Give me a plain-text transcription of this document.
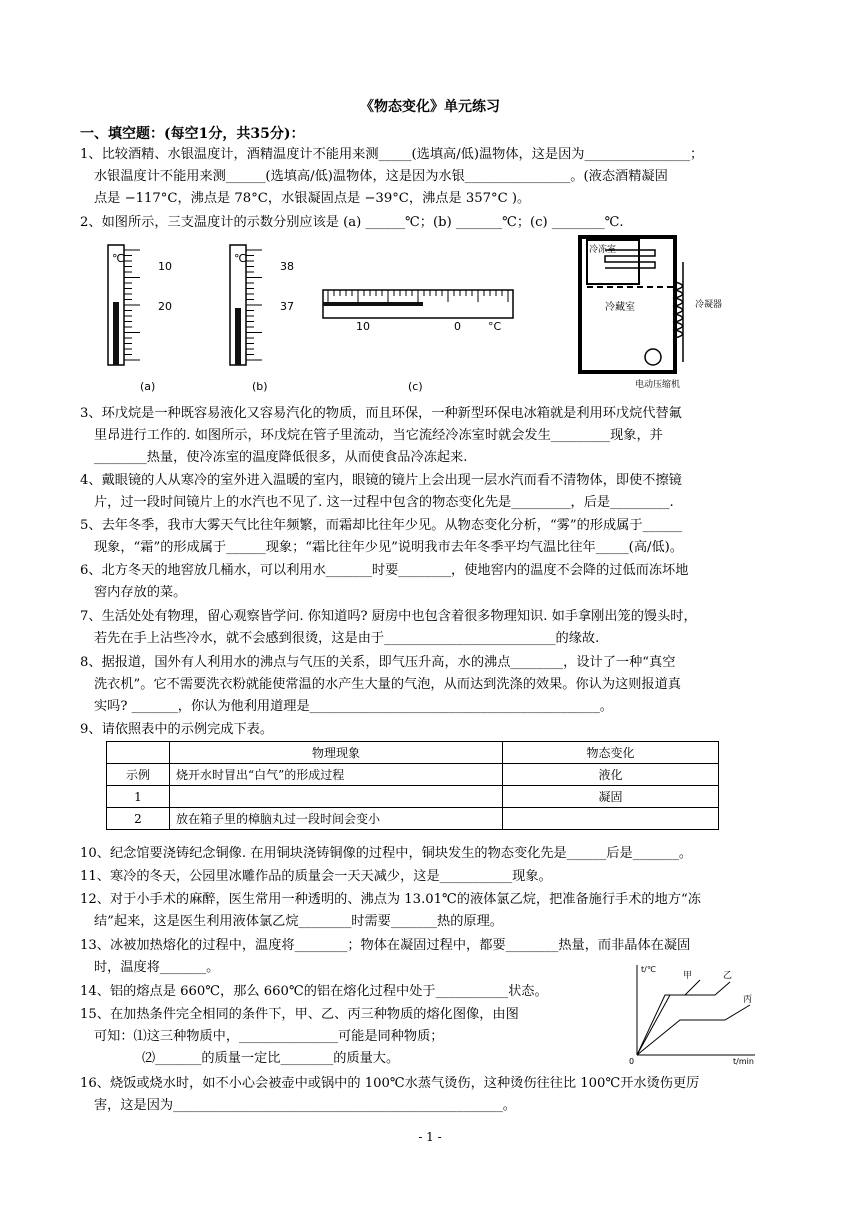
《物态变化》单元练习
一、填空题：(每空1分，共35分)：
1、比较酒精、水银温度计，酒精温度计不能用来测_____(选填高/低)温物体，这是因为________________；
水银温度计不能用来测______(选填高/低)温物体，这是因为水银________________。(液态酒精凝固
点是 −117°C，沸点是 78°C，水银凝固点是 −39°C，沸点是 357°C )。
2、如图所示，三支温度计的示数分别应该是 (a) ______℃；(b) _______℃；(c) ________℃.
℃
10
20
(a)
℃
38
37
(b)
10	0 °C
(c)
冷冻室
冷藏室	冷凝器
电动压缩机
3、环戊烷是一种既容易液化又容易汽化的物质，而且环保，一种新型环保电冰箱就是利用环戊烷代替氟
里昂进行工作的. 如图所示，环戊烷在管子里流动，当它流经冷冻室时就会发生_________现象，并
________热量，使冷冻室的温度降低很多，从而使食品冷冻起来.
4、戴眼镜的人从寒冷的室外进入温暖的室内，眼镜的镜片上会出现一层水汽而看不清物体，即使不擦镜
片，过一段时间镜片上的水汽也不见了. 这一过程中包含的物态变化先是_________，后是_________.
5、去年冬季，我市大雾天气比往年频繁，而霜却比往年少见。从物态变化分析，“雾”的形成属于______
现象，“霜”的形成属于______现象；“霜比往年少见”说明我市去年冬季平均气温比往年_____(高/低)。
6、北方冬天的地窖放几桶水，可以利用水_______时要________，使地窖内的温度不会降的过低而冻坏地
窖内存放的菜。
7、生活处处有物理，留心观察皆学问. 你知道吗? 厨房中也包含着很多物理知识. 如手拿刚出笼的馒头时，
若先在手上沾些冷水，就不会感到很烫，这是由于__________________________的缘故.
8、据报道，国外有人利用水的沸点与气压的关系，即气压升高，水的沸点________，设计了一种“真空
洗衣机”。它不需要洗衣粉就能使常温的水产生大量的气泡，从而达到洗涤的效果。你认为这则报道真
实吗? _______，你认为他利用道理是____________________________________________。
9、请依照表中的示例完成下表。
	物理现象	物态变化
示例	烧开水时冒出“白气”的形成过程	液化
1		凝固
2	放在箱子里的樟脑丸过一段时间会变小	
10、纪念馆要浇铸纪念铜像. 在用铜块浇铸铜像的过程中，铜块发生的物态变化先是______后是_______。
11、寒冷的冬天，公园里冰雕作品的质量会一天天减少，这是___________现象。
12、对于小手术的麻醉，医生常用一种透明的、沸点为 13.01℃的液体氯乙烷，把准备施行手术的地方“冻
结”起来，这是医生利用液体氯乙烷________时需要_______热的原理。
13、冰被加热熔化的过程中，温度将________；物体在凝固过程中，都要________热量，而非晶体在凝固
时，温度将_______。
14、铝的熔点是 660℃，那么 660℃的铝在熔化过程中处于___________状态。
15、在加热条件完全相同的条件下，甲、乙、丙三种物质的熔化图像，由图
可知：⑴这三种物质中，_______________可能是同种物质；
⑵_______的质量一定比________的质量大。
t/℃
t/min
0
甲	乙
丙
16、烧饭或烧水时，如不小心会被壶中或锅中的 100℃水蒸气烫伤，这种烫伤往往比 100℃开水烫伤更厉
害，这是因为__________________________________________________。
- 1 -
